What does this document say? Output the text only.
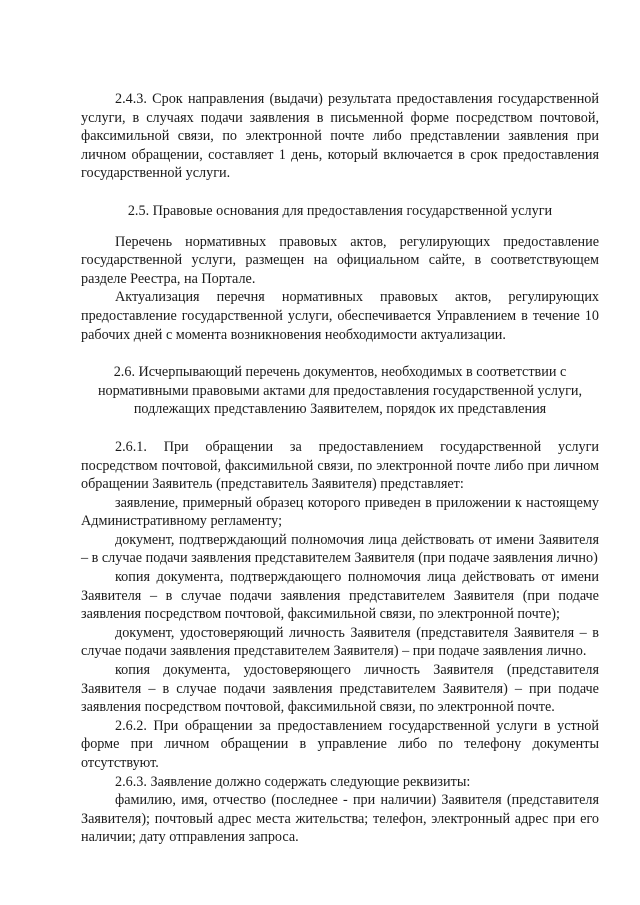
2.4.3. Срок направления (выдачи) результата предоставления государственной услуги, в случаях подачи заявления в письменной форме посредством почтовой, факсимильной связи, по электронной почте либо представлении заявления при личном обращении, составляет 1 день, который включается в срок предоставления государственной услуги.

2.5. Правовые основания для предоставления государственной услуги

Перечень нормативных правовых актов, регулирующих предоставление государственной услуги, размещен на официальном сайте, в соответствующем разделе Реестра, на Портале.

Актуализация перечня нормативных правовых актов, регулирующих предоставление государственной услуги, обеспечивается Управлением в течение 10 рабочих дней с момента возникновения необходимости актуализации.

2.6. Исчерпывающий перечень документов, необходимых в соответствии с нормативными правовыми актами для предоставления государственной услуги, подлежащих представлению Заявителем, порядок их представления

2.6.1. При обращении за предоставлением государственной услуги посредством почтовой, факсимильной связи, по электронной почте либо при личном обращении Заявитель (представитель Заявителя) представляет:

заявление, примерный образец которого приведен в приложении к настоящему Административному регламенту;

документ, подтверждающий полномочия лица действовать от имени Заявителя – в случае подачи заявления представителем Заявителя (при подаче заявления лично)

копия документа, подтверждающего полномочия лица действовать от имени Заявителя – в случае подачи заявления представителем Заявителя (при подаче заявления посредством почтовой, факсимильной связи, по электронной почте);

документ, удостоверяющий личность Заявителя (представителя Заявителя – в случае подачи заявления представителем Заявителя) – при подаче заявления лично.

копия документа, удостоверяющего личность Заявителя (представителя Заявителя – в случае подачи заявления представителем Заявителя) – при подаче заявления посредством почтовой, факсимильной связи, по электронной почте.

2.6.2. При обращении за предоставлением государственной услуги в устной форме при личном обращении в управление либо по телефону документы отсутствуют.

2.6.3. Заявление должно содержать следующие реквизиты:

фамилию, имя, отчество (последнее - при наличии) Заявителя (представителя Заявителя); почтовый адрес места жительства; телефон, электронный адрес при его наличии; дату отправления запроса.
